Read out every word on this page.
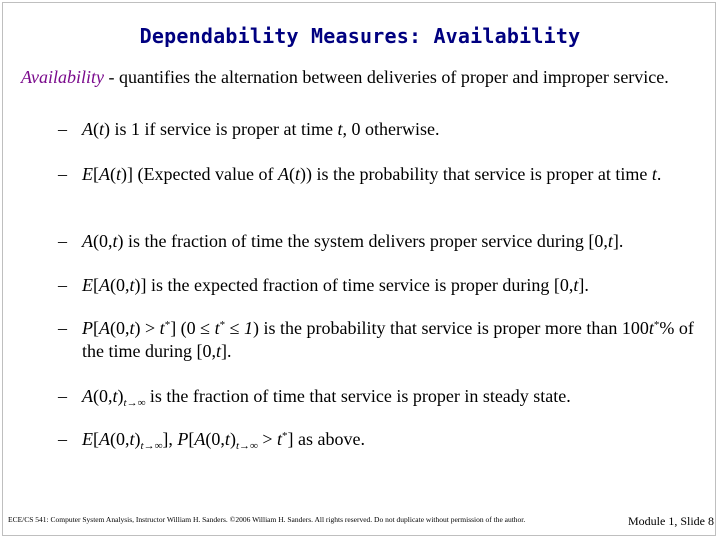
Dependability Measures: Availability
Availability - quantifies the alternation between deliveries of proper and improper service.
– A(t) is 1 if service is proper at time t, 0 otherwise.
– E[A(t)] (Expected value of A(t)) is the probability that service is proper at time t.
– A(0,t) is the fraction of time the system delivers proper service during [0,t].
– E[A(0,t)] is the expected fraction of time service is proper during [0,t].
– P[A(0,t) > t*] (0 ≤ t* ≤ 1) is the probability that service is proper more than 100t*% of the time during [0,t].
– $A(0,t)_{t\to\infty}$ is the fraction of time that service is proper in steady state.
– $E[A(0,t)_{t\to\infty}]$, $P[A(0,t)_{t\to\infty} > t^*]$ as above.
ECE/CS 541: Computer System Analysis, Instructor William H. Sanders. ©2006 William H. Sanders. All rights reserved. Do not duplicate without permission of the author.	Module 1, Slide 8
